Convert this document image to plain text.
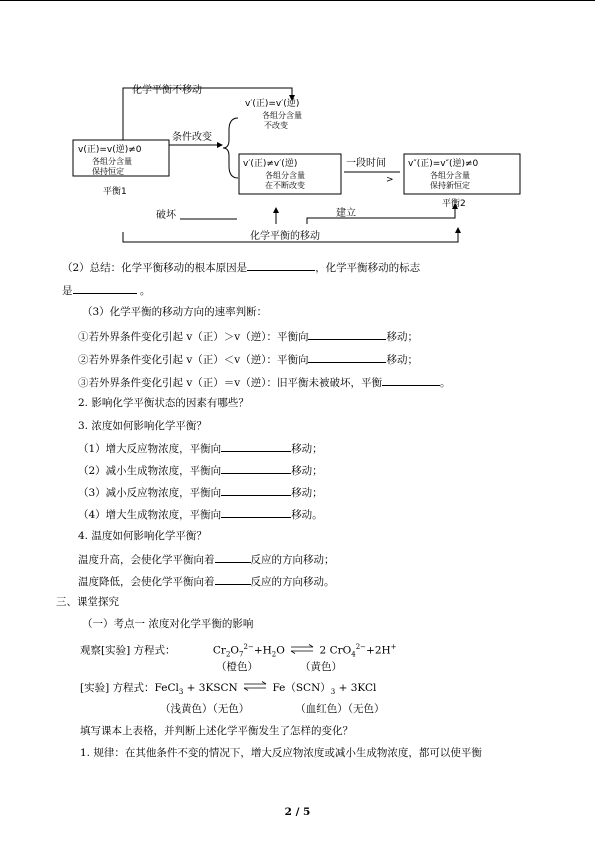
化学平衡不移动
v(正)=v(逆)≠0
各组分含量
保持恒定
平衡1
条件改变
v′(正)=v′(逆)
各组分含量
不改变
v′(正)≠v′(逆)
各组分含量
在不断改变
一段时间
>
v″(正)=v″(逆)≠0
各组分含量
保持新恒定
平衡2
破坏	建立
化学平衡的移动
（2）总结：化学平衡移动的根本原因是	，化学平衡移动的标志
是	。
（3）化学平衡的移动方向的速率判断：
①若外界条件变化引起 v（正）＞v（逆）：平衡向	移动；
②若外界条件变化引起 v（正）＜v（逆）：平衡向	移动；
③若外界条件变化引起 v（正）＝v（逆）：旧平衡未被破坏，平衡	。
2. 影响化学平衡状态的因素有哪些？
3. 浓度如何影响化学平衡？
（1）增大反应物浓度，平衡向	移动；
（2）减小生成物浓度，平衡向	移动；
（3）减小反应物浓度，平衡向	移动；
（4）增大生成物浓度，平衡向	移动。
4. 温度如何影响化学平衡？
温度升高，会使化学平衡向着	反应的方向移动；
温度降低，会使化学平衡向着	反应的方向移动。
三、课堂探究
（一）考点一 浓度对化学平衡的影响
观察[实验] 方程式：	$Cr_2O_7^{2-}+H_2O$ ⇌ 2 CrO$_4^{2-}$+2H+
（橙色）	（黄色）
[实验] 方程式：FeCl$_3$ + 3KSCN ⇌ $Fe(SCN)_3 + 3KCl$
（浅黄色）（无色）	（血红色）（无色）
填写课本上表格，并判断上述化学平衡发生了怎样的变化？
1. 规律：在其他条件不变的情况下，增大反应物浓度或减小生成物浓度，都可以使平衡
2 / 5
